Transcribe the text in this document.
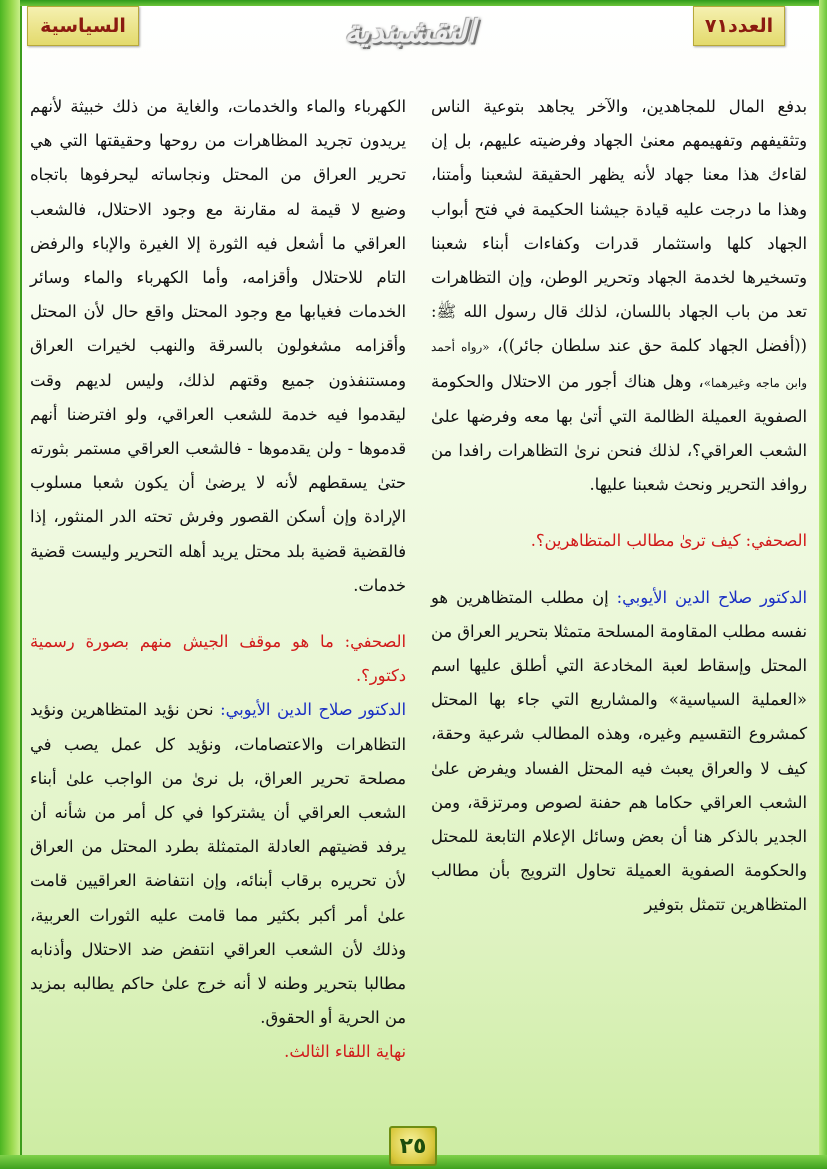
العدد٧١
النقشبندية
السياسية

بدفع المال للمجاهدين، والآخر يجاهد بتوعية الناس وتثقيفهم وتفهيمهم معنىٰ الجهاد وفرضيته عليهم، بل إن لقاءك هذا معنا جهاد لأنه يظهر الحقيقة لشعبنا وأمتنا، وهذا ما درجت عليه قيادة جيشنا الحكيمة في فتح أبواب الجهاد كلها واستثمار قدرات وكفاءات أبناء شعبنا وتسخيرها لخدمة الجهاد وتحرير الوطن، وإن التظاهرات تعد من باب الجهاد باللسان، لذلك قال رسول الله ﷺ: ((أفضل الجهاد كلمة حق عند سلطان جائر))، «رواه أحمد وابن ماجه وغيرهما»، وهل هناك أجور من الاحتلال والحكومة الصفوية العميلة الظالمة التي أتىٰ بها معه وفرضها علىٰ الشعب العراقي؟، لذلك فنحن نرىٰ التظاهرات رافدا من روافد التحرير ونحث شعبنا عليها.

الصحفي: كيف ترىٰ مطالب المتظاهرين؟.

الدكتور صلاح الدين الأيوبي: إن مطلب المتظاهرين هو نفسه مطلب المقاومة المسلحة متمثلا بتحرير العراق من المحتل وإسقاط لعبة المخادعة التي أطلق عليها اسم «العملية السياسية» والمشاريع التي جاء بها المحتل كمشروع التقسيم وغيره، وهذه المطالب شرعية وحقة، كيف لا والعراق يعبث فيه المحتل الفساد ويفرض علىٰ الشعب العراقي حكاما هم حفنة لصوص ومرتزقة، ومن الجدير بالذكر هنا أن بعض وسائل الإعلام التابعة للمحتل والحكومة الصفوية العميلة تحاول الترويج بأن مطالب المتظاهرين تتمثل بتوفير

الكهرباء والماء والخدمات، والغاية من ذلك خبيثة لأنهم يريدون تجريد المظاهرات من روحها وحقيقتها التي هي تحرير العراق من المحتل ونجاساته ليحرفوها باتجاه وضيع لا قيمة له مقارنة مع وجود الاحتلال، فالشعب العراقي ما أشعل فيه الثورة إلا الغيرة والإباء والرفض التام للاحتلال وأقزامه، وأما الكهرباء والماء وسائر الخدمات فغيابها مع وجود المحتل واقع حال لأن المحتل وأقزامه مشغولون بالسرقة والنهب لخيرات العراق ومستنفذون جميع وقتهم لذلك، وليس لديهم وقت ليقدموا فيه خدمة للشعب العراقي، ولو افترضنا أنهم قدموها - ولن يقدموها - فالشعب العراقي مستمر بثورته حتىٰ يسقطهم لأنه لا يرضىٰ أن يكون شعبا مسلوب الإرادة وإن أسكن القصور وفرش تحته الدر المنثور، إذا فالقضية قضية بلد محتل يريد أهله التحرير وليست قضية خدمات.

الصحفي: ما هو موقف الجيش منهم بصورة رسمية دكتور؟.

الدكتور صلاح الدين الأيوبي: نحن نؤيد المتظاهرين ونؤيد التظاهرات والاعتصامات، ونؤيد كل عمل يصب في مصلحة تحرير العراق، بل نرىٰ من الواجب علىٰ أبناء الشعب العراقي أن يشتركوا في كل أمر من شأنه أن يرفد قضيتهم العادلة المتمثلة بطرد المحتل من العراق لأن تحريره برقاب أبنائه، وإن انتفاضة العراقيين قامت علىٰ أمر أكبر بكثير مما قامت عليه الثورات العربية، وذلك لأن الشعب العراقي انتفض ضد الاحتلال وأذنابه مطالبا بتحرير وطنه لا أنه خرج علىٰ حاكم يطالبه بمزيد من الحرية أو الحقوق.

نهاية اللقاء الثالث.

٢٥
